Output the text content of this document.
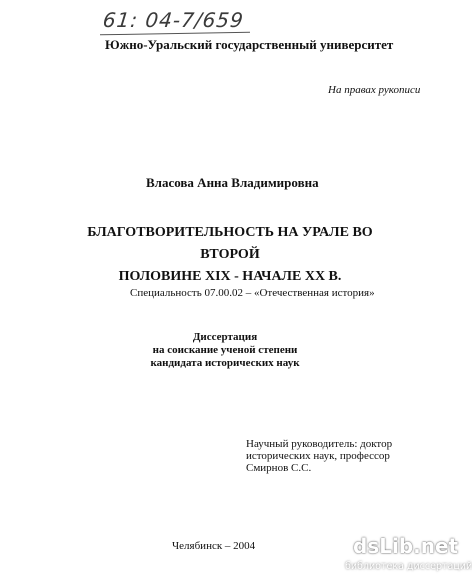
61: 04-7/659
Южно-Уральский государственный университет
На правах рукописи
Власова Анна Владимировна
БЛАГОТВОРИТЕЛЬНОСТЬ НА УРАЛЕ ВО ВТОРОЙ
ПОЛОВИНЕ XIX - НАЧАЛЕ XX В.
Специальность 07.00.02 – «Отечественная история»
Диссертация
на соискание ученой степени
кандидата исторических наук
Научный руководитель: доктор
исторических наук, профессор
Смирнов С.С.
Челябинск – 2004	dsLib.net
библиотека диссертаций
